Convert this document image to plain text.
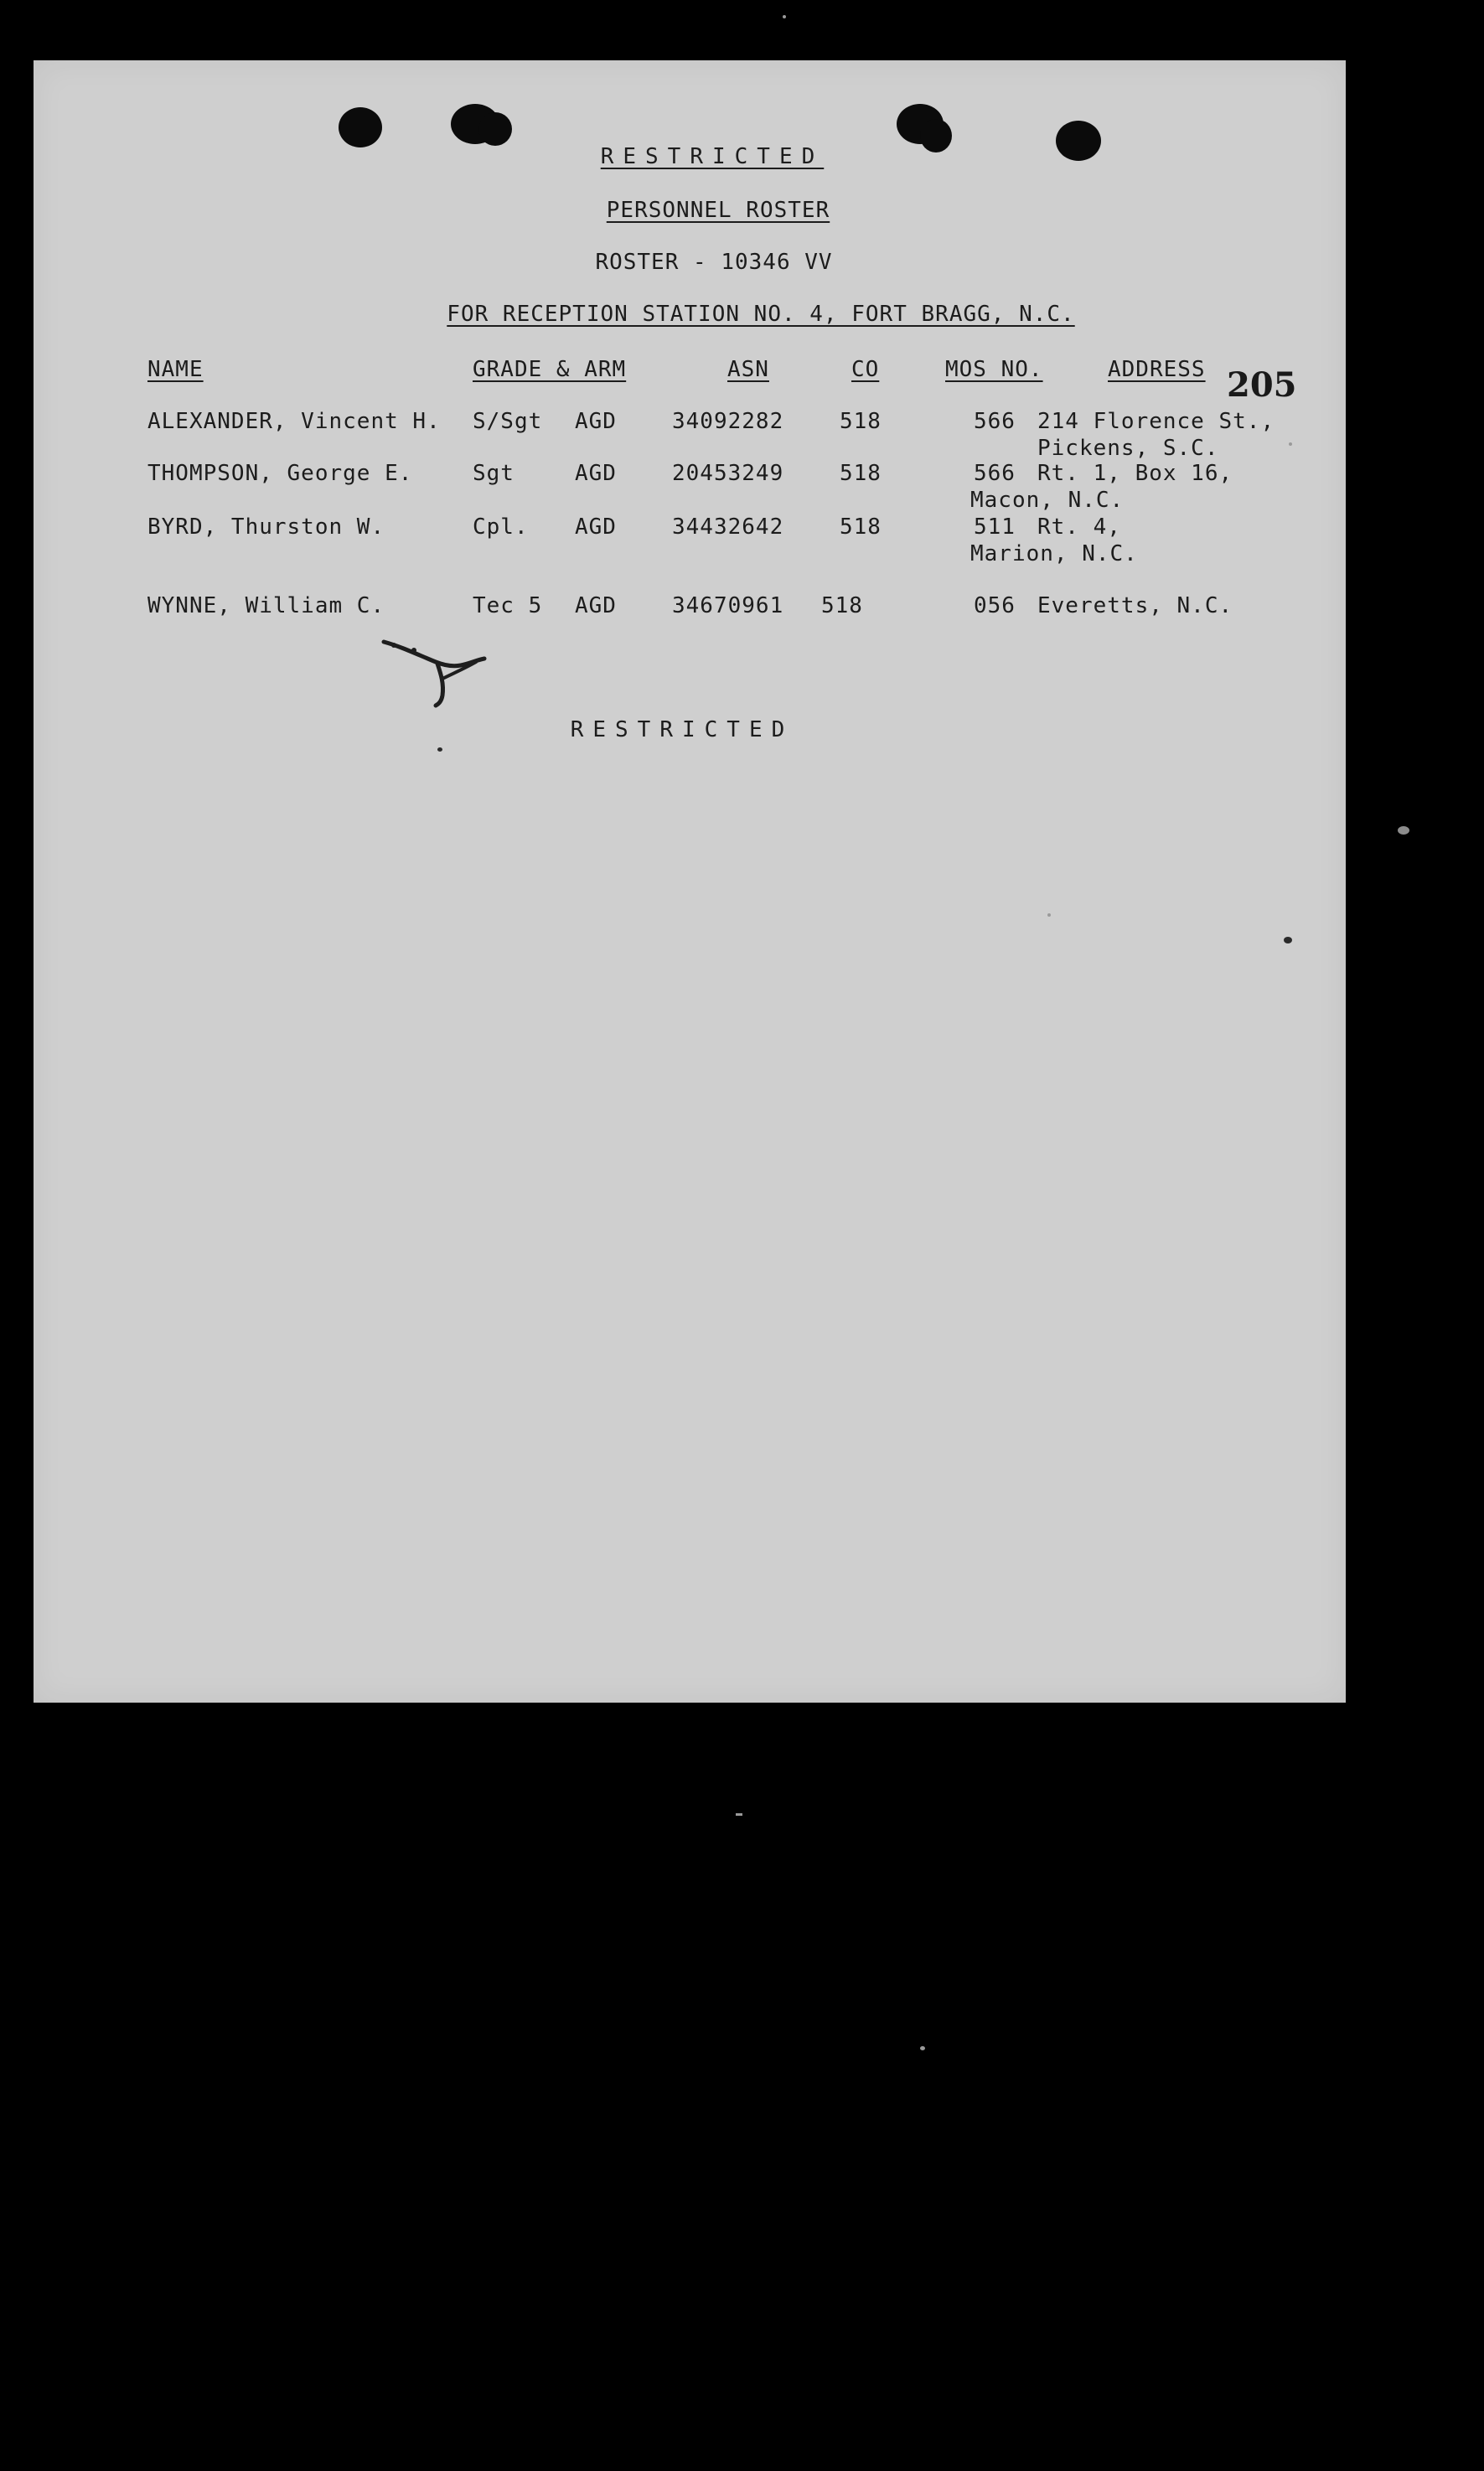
RESTRICTED
PERSONNEL ROSTER
ROSTER - 10346 VV
FOR RECEPTION STATION NO. 4, FORT BRAGG, N.C.
205
NAME	GRADE & ARM	ASN	CO	MOS NO.	ADDRESS
ALEXANDER, Vincent H. S/Sgt AGD	34092282	518	566 214 Florence St.,
Pickens, S.C.
THOMPSON, George E.	Sgt	AGD	20453249	518	566 Rt. 1, Box 16,
Macon, N.C.
BYRD, Thurston W.	Cpl. AGD	34432642	518	511 Rt. 4,
Marion, N.C.
WYNNE, William C.	Tec 5 AGD	34670961 518	056 Everetts, N.C.
RESTRICTED
